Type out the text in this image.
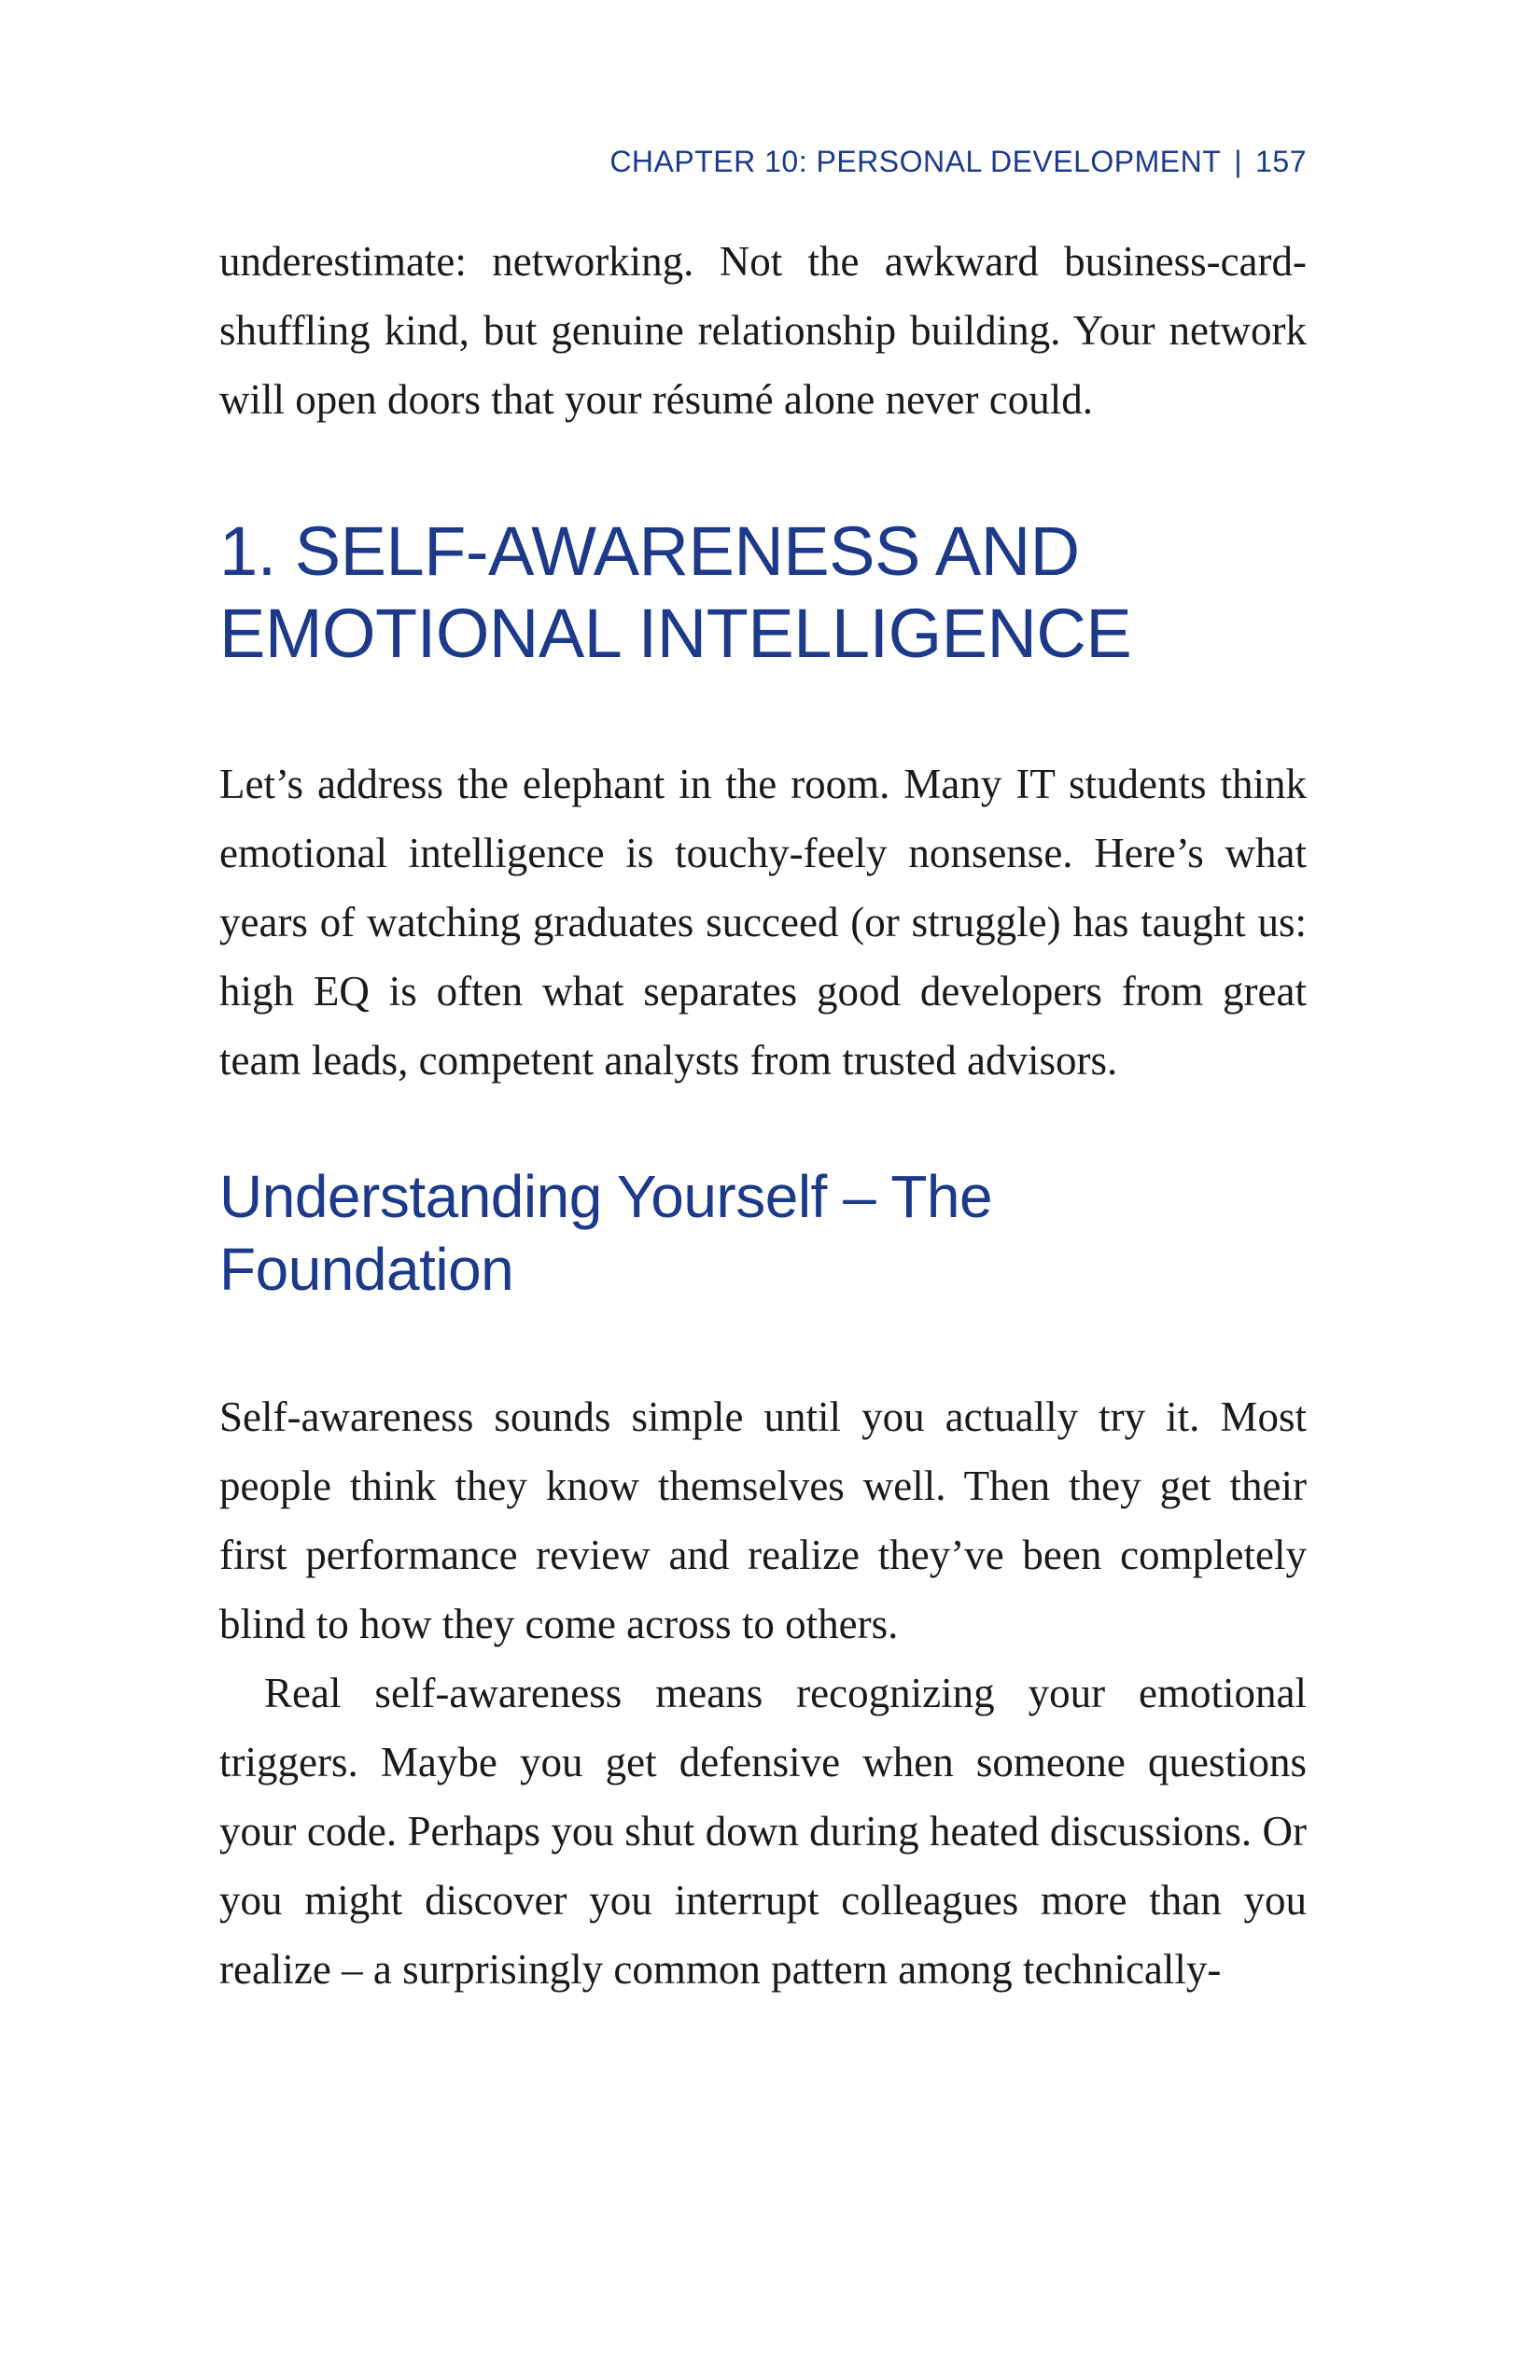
CHAPTER 10: PERSONAL DEVELOPMENT | 157

underestimate: networking. Not the awkward business-card-shuffling kind, but genuine relationship building. Your network will open doors that your résumé alone never could.

1. SELF-AWARENESS AND
EMOTIONAL INTELLIGENCE

Let’s address the elephant in the room. Many IT students think emotional intelligence is touchy-feely nonsense. Here’s what years of watching graduates succeed (or struggle) has taught us: high EQ is often what separates good developers from great team leads, competent analysts from trusted advisors.

Understanding Yourself – The
Foundation

Self-awareness sounds simple until you actually try it. Most people think they know themselves well. Then they get their first performance review and realize they’ve been completely blind to how they come across to others.

Real self-awareness means recognizing your emotional triggers. Maybe you get defensive when someone questions your code. Perhaps you shut down during heated discussions. Or you might discover you interrupt colleagues more than you realize – a surprisingly common pattern among technically-
